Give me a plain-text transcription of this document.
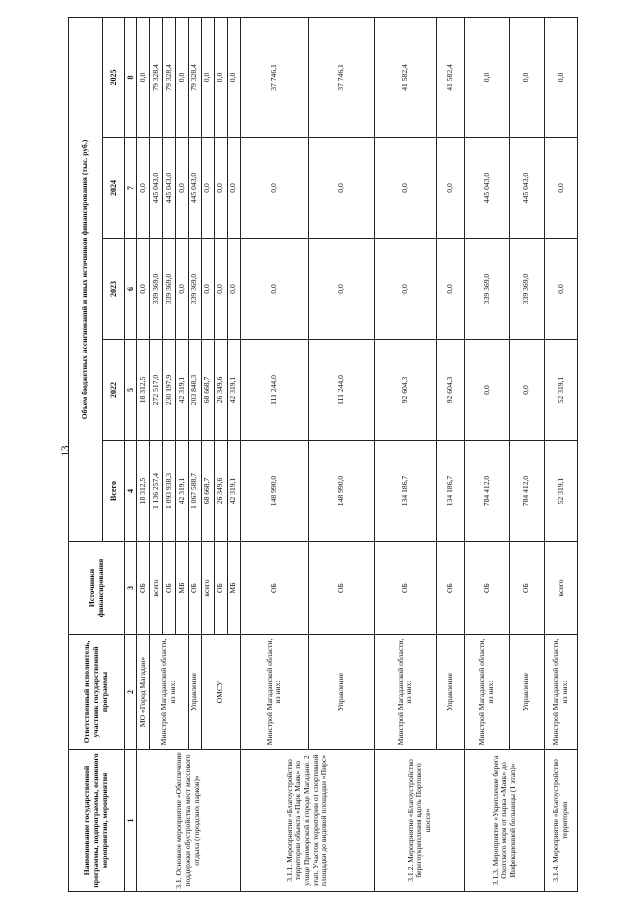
13
Наименование государственной программы, подпрограммы, основного мероприятия, мероприятия	Ответственный исполнитель, участник государственной программы	Источники финансирования	Объем бюджетных ассигнований и иных источников финансирования (тыс. руб.)				
			Всего	2022	2023	2024	2025
1	2	3	4	5	6	7	8
3.1. Основное мероприятие «Обеспечение поддержки обустройства мест массового отдыха (городских парков)»	МО «Город Магадан»	ОБ	18 312,5	18 312,5	0,0	0,0	0,0
	Минстрой Магаданской области, из них:	всего	1 136 257,4	272 517,0	339 369,0	445 043,0	79 328,4
		ОБ	1 093 938,3	230 197,9	339 369,0	445 043,0	79 328,4
		МБ	42 319,1	42 319,1	0,0	0,0	0,0
	Управление	ОБ	1 067 588,7	203 848,3	339 369,0	445 043,0	79 328,4
	ОМСУ	всего	68 668,7	68 668,7	0,0	0,0	0,0
		ОБ	26 349,6	26 349,6	0,0	0,0	0,0
		МБ	42 319,1	42 319,1	0,0	0,0	0,0
3.1.1. Мероприятие «Благоустройство территории объекта «Парк Маяк» по улице Приморской в городе Магадане. 2 этап. Участок территории от спортивной площадки до видовой площадки «Пирс»	Минстрой Магаданской области, из них:	ОБ	148 990,0	111 244,0	0,0	0,0	37 746,1
	Управление	ОБ	148 990,0	111 244,0	0,0	0,0	37 746,1
3.1.2. Мероприятие «Благоустройство берегоукрепления вдоль Портового шоссе»	Минстрой Магаданской области, из них:	ОБ	134 186,7	92 604,3	0,0	0,0	41 582,4
	Управление	ОБ	134 186,7	92 604,3	0,0	0,0	41 582,4
3.1.3. Мероприятие «Укрепление берега Охотского моря от парка «Маяк» до Инфекционной больницы (1 этап)»	Минстрой Магаданской области, из них:	ОБ	784 412,0	0,0	339 369,0	445 043,0	0,0
	Управление	ОБ	784 412,0	0,0	339 369,0	445 043,0	0,0
3.1.4. Мероприятие «Благоустройство территории	Минстрой Магаданской области, из них:	всего	52 319,1	52 319,1	0,0	0,0	0,0
